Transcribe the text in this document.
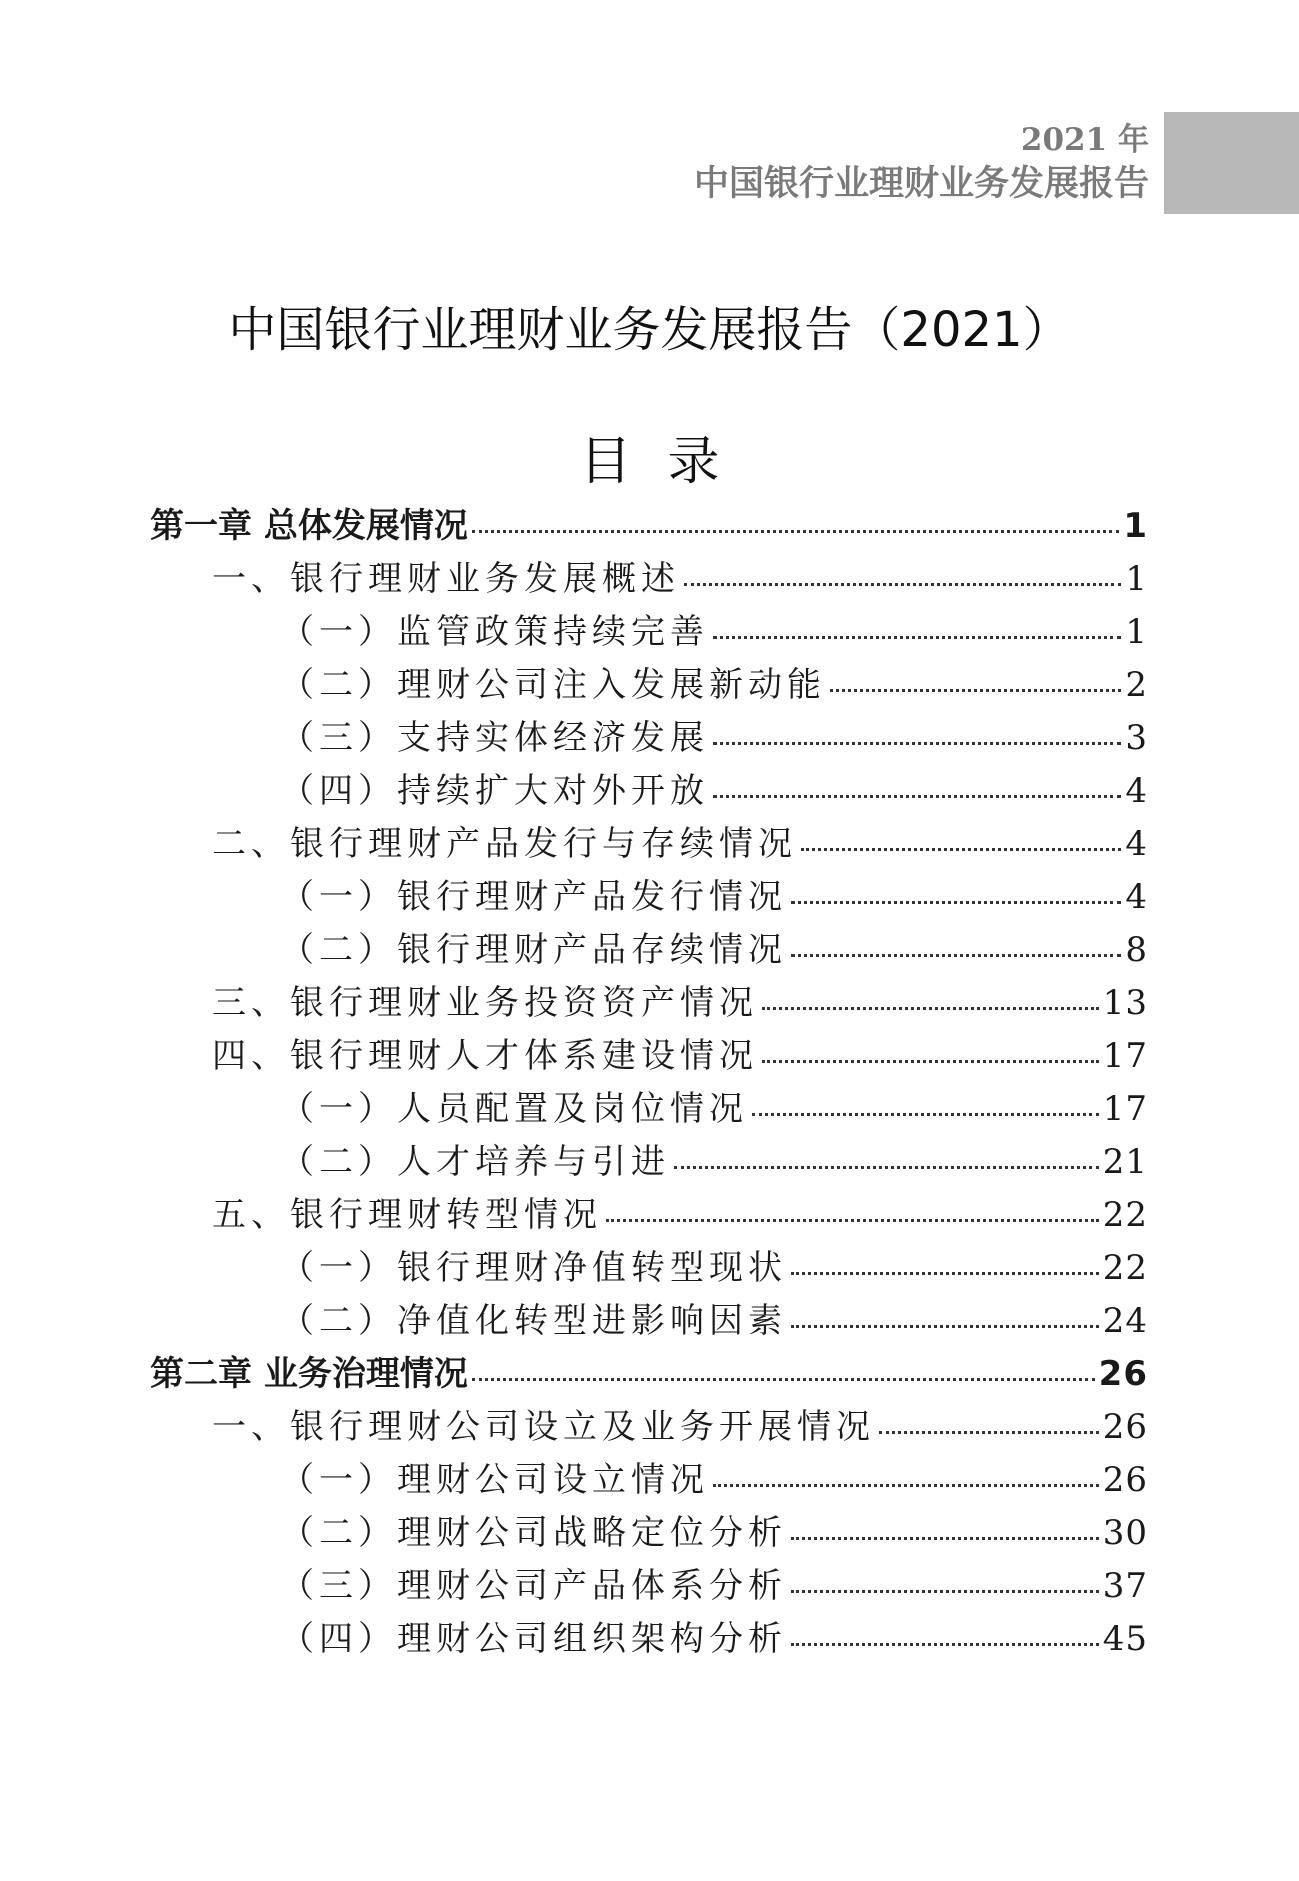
2021 年
中国银行业理财业务发展报告
中国银行业理财业务发展报告（2021）
目录
第一章 总体发展情况	1
一、银行理财业务发展概述	1
（一）监管政策持续完善	1
（二）理财公司注入发展新动能	2
（三）支持实体经济发展	3
（四）持续扩大对外开放	4
二、银行理财产品发行与存续情况	4
（一）银行理财产品发行情况	4
（二）银行理财产品存续情况	8
三、银行理财业务投资资产情况	13
四、银行理财人才体系建设情况	17
（一）人员配置及岗位情况	17
（二）人才培养与引进	21
五、银行理财转型情况	22
（一）银行理财净值转型现状	22
（二）净值化转型进影响因素	24
第二章 业务治理情况	26
一、银行理财公司设立及业务开展情况	26
（一）理财公司设立情况	26
（二）理财公司战略定位分析	30
（三）理财公司产品体系分析	37
（四）理财公司组织架构分析	45
